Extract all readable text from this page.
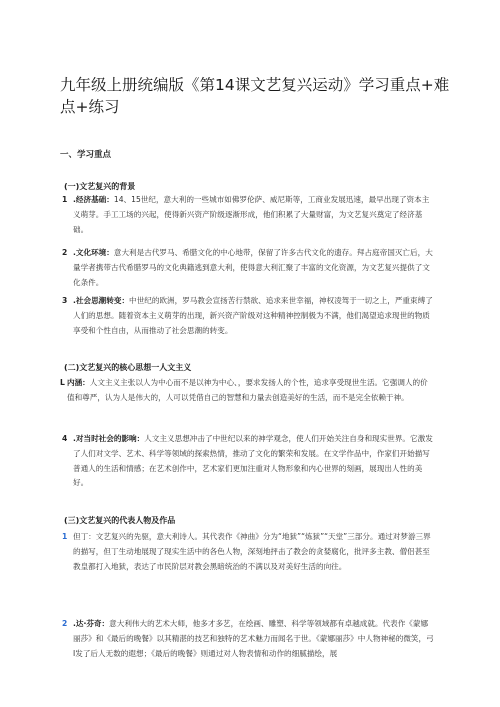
九年级上册统编版《第14课文艺复兴运动》学习重点+难点+练习
一、学习重点
(一)文艺复兴的背景
1 .经济基础：14、15世纪，意大利的一些城市如佛罗伦萨、威尼斯等，工商业发展迅速，最早出现了资本主义萌芽。手工工场的兴起，使得新兴资产阶级逐渐形成，他们积累了大量财富，为文艺复兴奠定了经济基础。
2 .文化环境：意大利是古代罗马、希腊文化的中心地带，保留了许多古代文化的遗存。拜占庭帝国灭亡后，大量学者携带古代希腊罗马的文化典籍逃到意大利，使得意大利汇聚了丰富的文化资源，为文艺复兴提供了文化条件。
3 .社会思潮转变：中世纪的欧洲，罗马教会宣扬苦行禁欲、追求来世幸福，神权凌驾于一切之上，严重束缚了人们的思想。随着资本主义萌芽的出现，新兴资产阶级对这种精神控制极为不满，他们渴望追求现世的物质享受和个性自由，从而推动了社会思潮的转变。
(二)文艺复兴的核心思想一人文主义
L 内涵：人文主义主张以人为中心而不是以神为中心、，要求发扬人的个性，追求享受现世生活。它强调人的价值和尊严，认为人是伟大的，人可以凭借自己的智慧和力量去创造美好的生活，而不是完全依赖于神。
4 .对当时社会的影响：人文主义思想冲击了中世纪以来的神学观念，使人们开始关注自身和现实世界。它激发了人们对文学、艺术、科学等领域的探索热情，推动了文化的繁荣和发展。在文学作品中，作家们开始描写普通人的生活和情感；在艺术创作中，艺术家们更加注重对人物形象和内心世界的刻画，展现出人性的美好。
(三)文艺复兴的代表人物及作品
1 但丁：文艺复兴的先驱，意大利诗人。其代表作《神曲》分为“地狱”“炼狱”“天堂”三部分。通过对梦游三界的描写，但丁生动地展现了现实生活中的各色人物，深刻地抨击了教会的贪婪腐化，批评多主教、僧侣甚至教皇都打入地狱，表达了市民阶层对教会黑暗统治的不满以及对美好生活的向往。
2 .达·芬奇：意大利伟大的艺术大师，他多才多艺，在绘画、雕塑、科学等领域都有卓越成就。代表作《蒙娜丽莎》和《最后的晚餐》以其精湛的技艺和独特的艺术魅力而闻名于世。《蒙娜丽莎》中人物神秘的微笑，弓I发了后人无数的遐想；《最后的晚餐》则通过对人物表情和动作的细腻描绘，展
